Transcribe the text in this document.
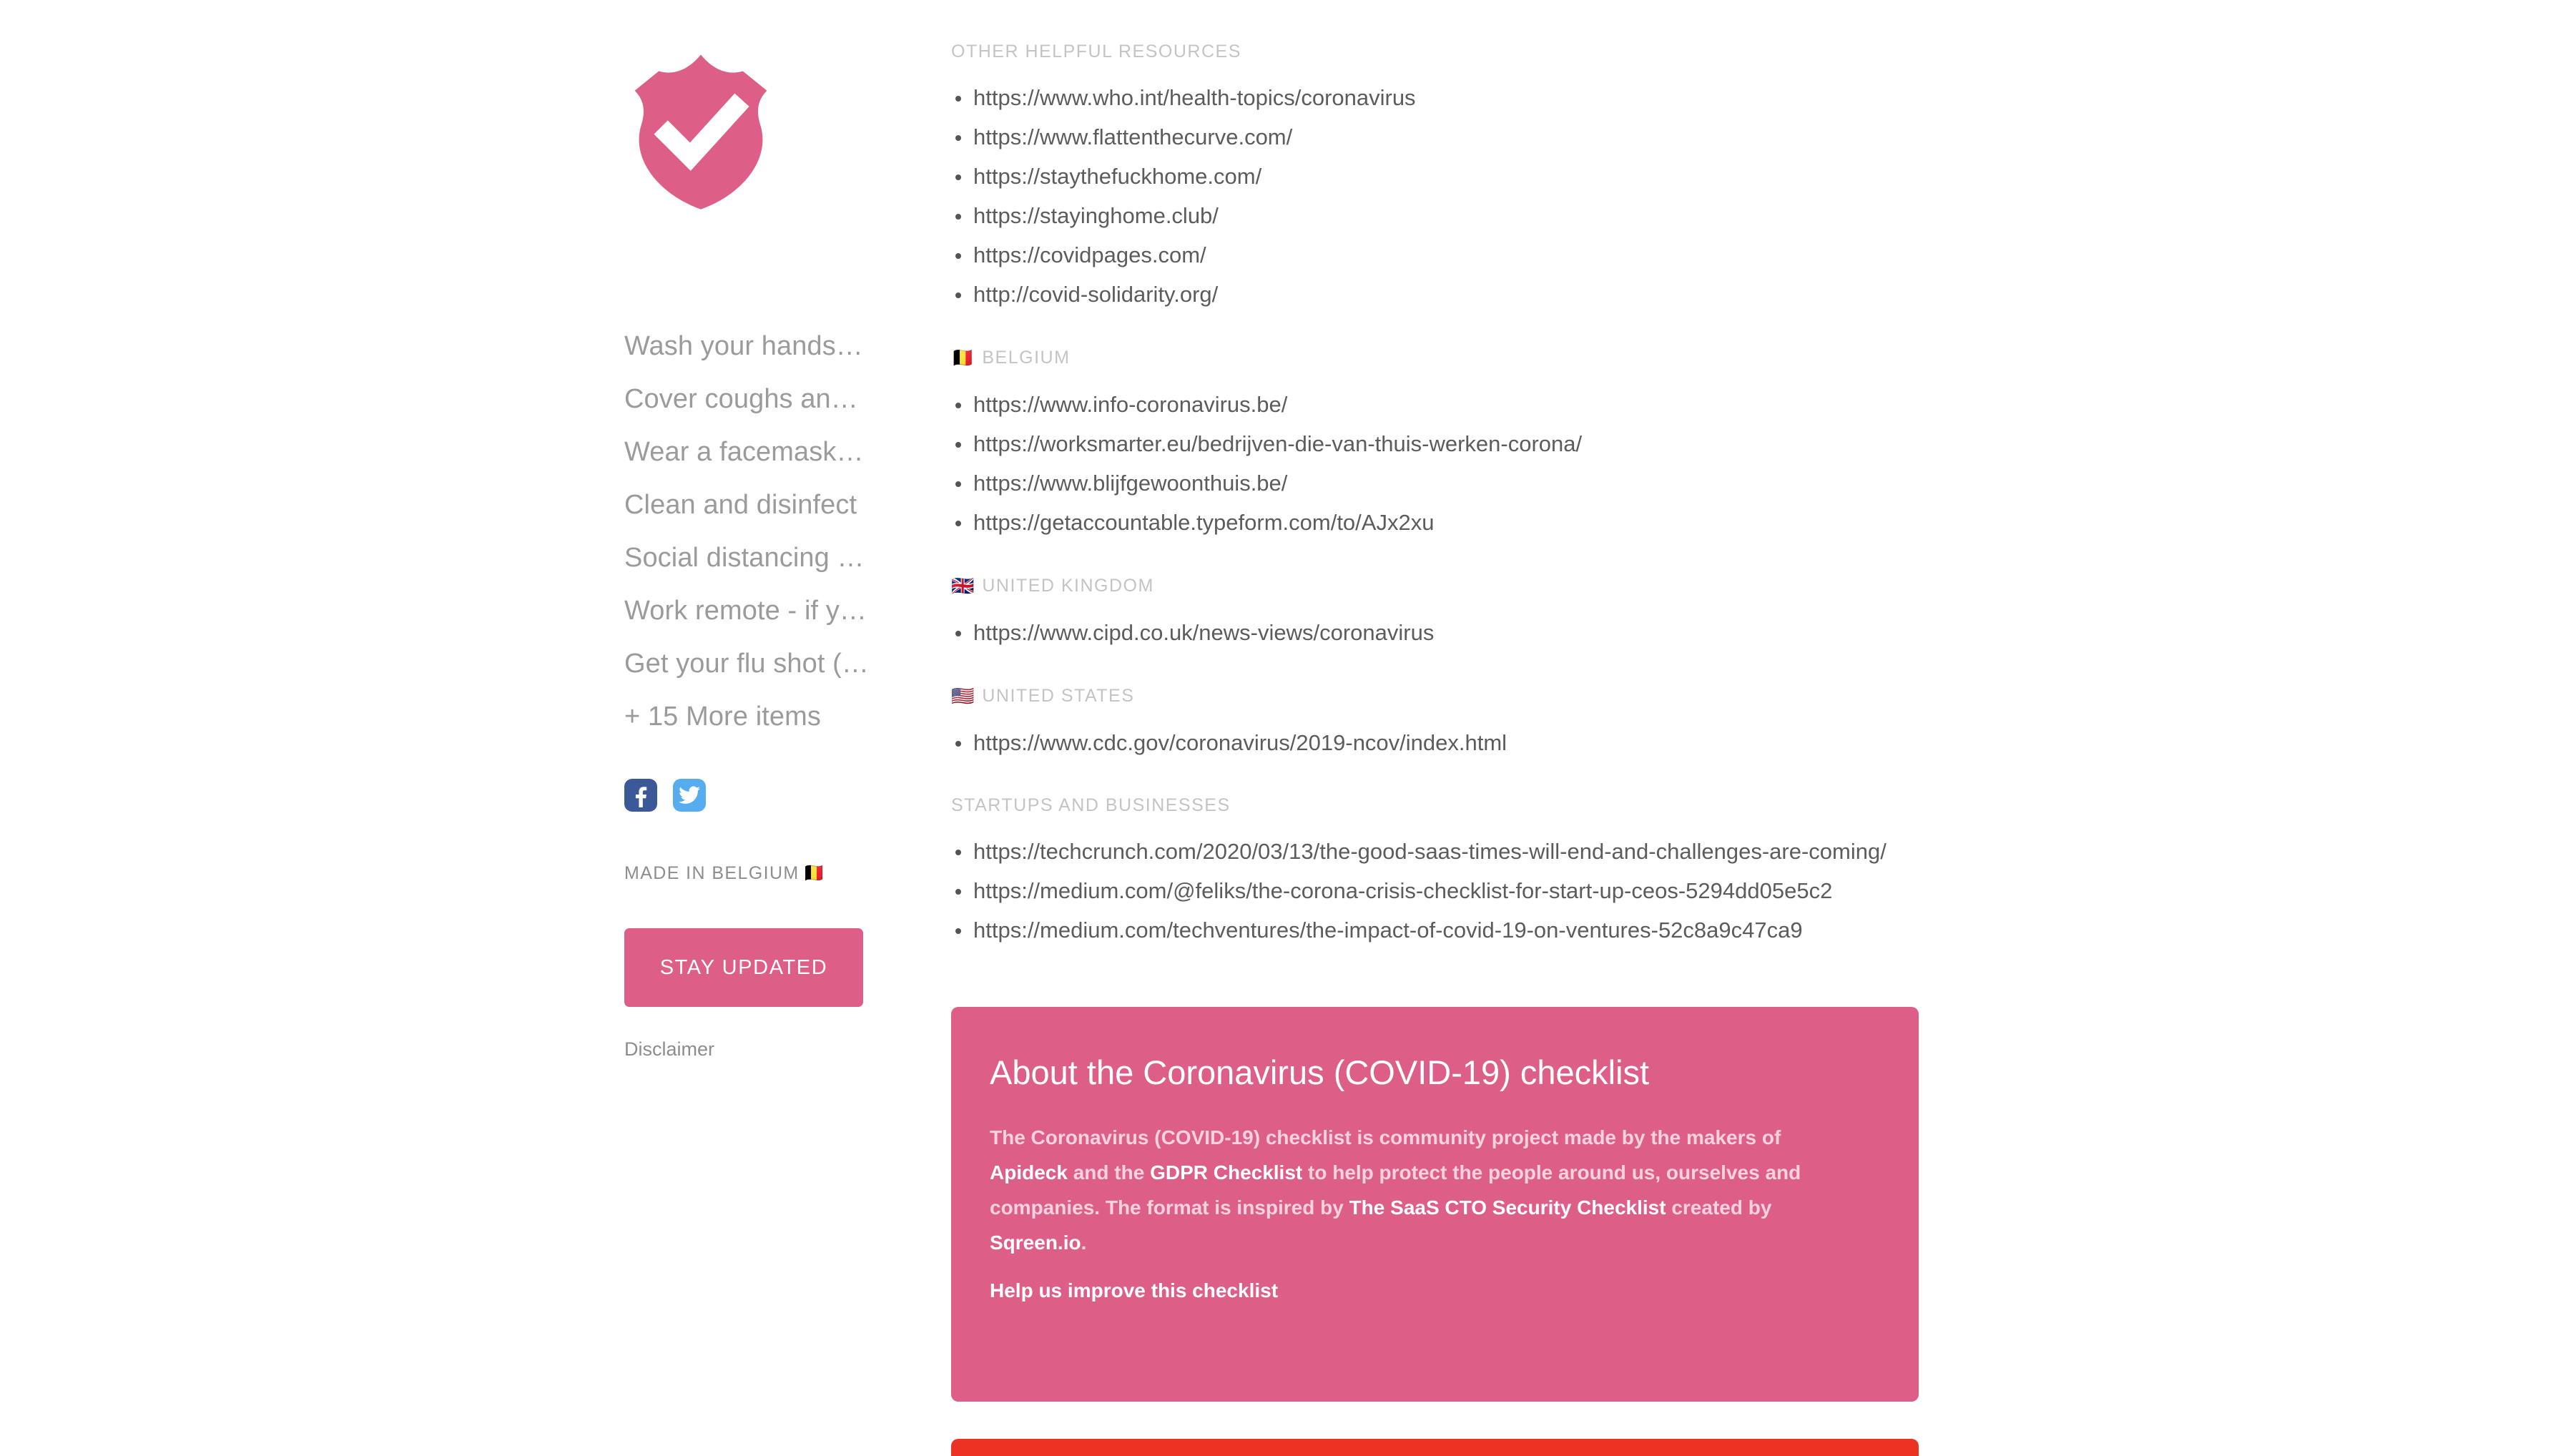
Wash your hands…
Cover coughs an…
Wear a facemask…
Clean and disinfect
Social distancing …
Work remote - if y…
Get your flu shot (…
+ 15 More items
MADE IN BELGIUM 🇧🇪
STAY UPDATED
Disclaimer
OTHER HELPFUL RESOURCES
https://www.who.int/health-topics/coronavirus
https://www.flattenthecurve.com/
https://staythefuckhome.com/
https://stayinghome.club/
https://covidpages.com/
http://covid-solidarity.org/
🇧🇪 BELGIUM
https://www.info-coronavirus.be/
https://worksmarter.eu/bedrijven-die-van-thuis-werken-corona/
https://www.blijfgewoonthuis.be/
https://getaccountable.typeform.com/to/AJx2xu
🇬🇧 UNITED KINGDOM
https://www.cipd.co.uk/news-views/coronavirus
🇺🇸 UNITED STATES
https://www.cdc.gov/coronavirus/2019-ncov/index.html
STARTUPS AND BUSINESSES
https://techcrunch.com/2020/03/13/the-good-saas-times-will-end-and-challenges-are-coming/
https://medium.com/@feliks/the-corona-crisis-checklist-for-start-up-ceos-5294dd05e5c2
https://medium.com/techventures/the-impact-of-covid-19-on-ventures-52c8a9c47ca9
About the Coronavirus (COVID-19) checklist

The Coronavirus (COVID-19) checklist is community project made by the makers of Apideck and the GDPR Checklist to help protect the people around us, ourselves and companies. The format is inspired by The SaaS CTO Security Checklist created by Sqreen.io.
Help us improve this checklist
